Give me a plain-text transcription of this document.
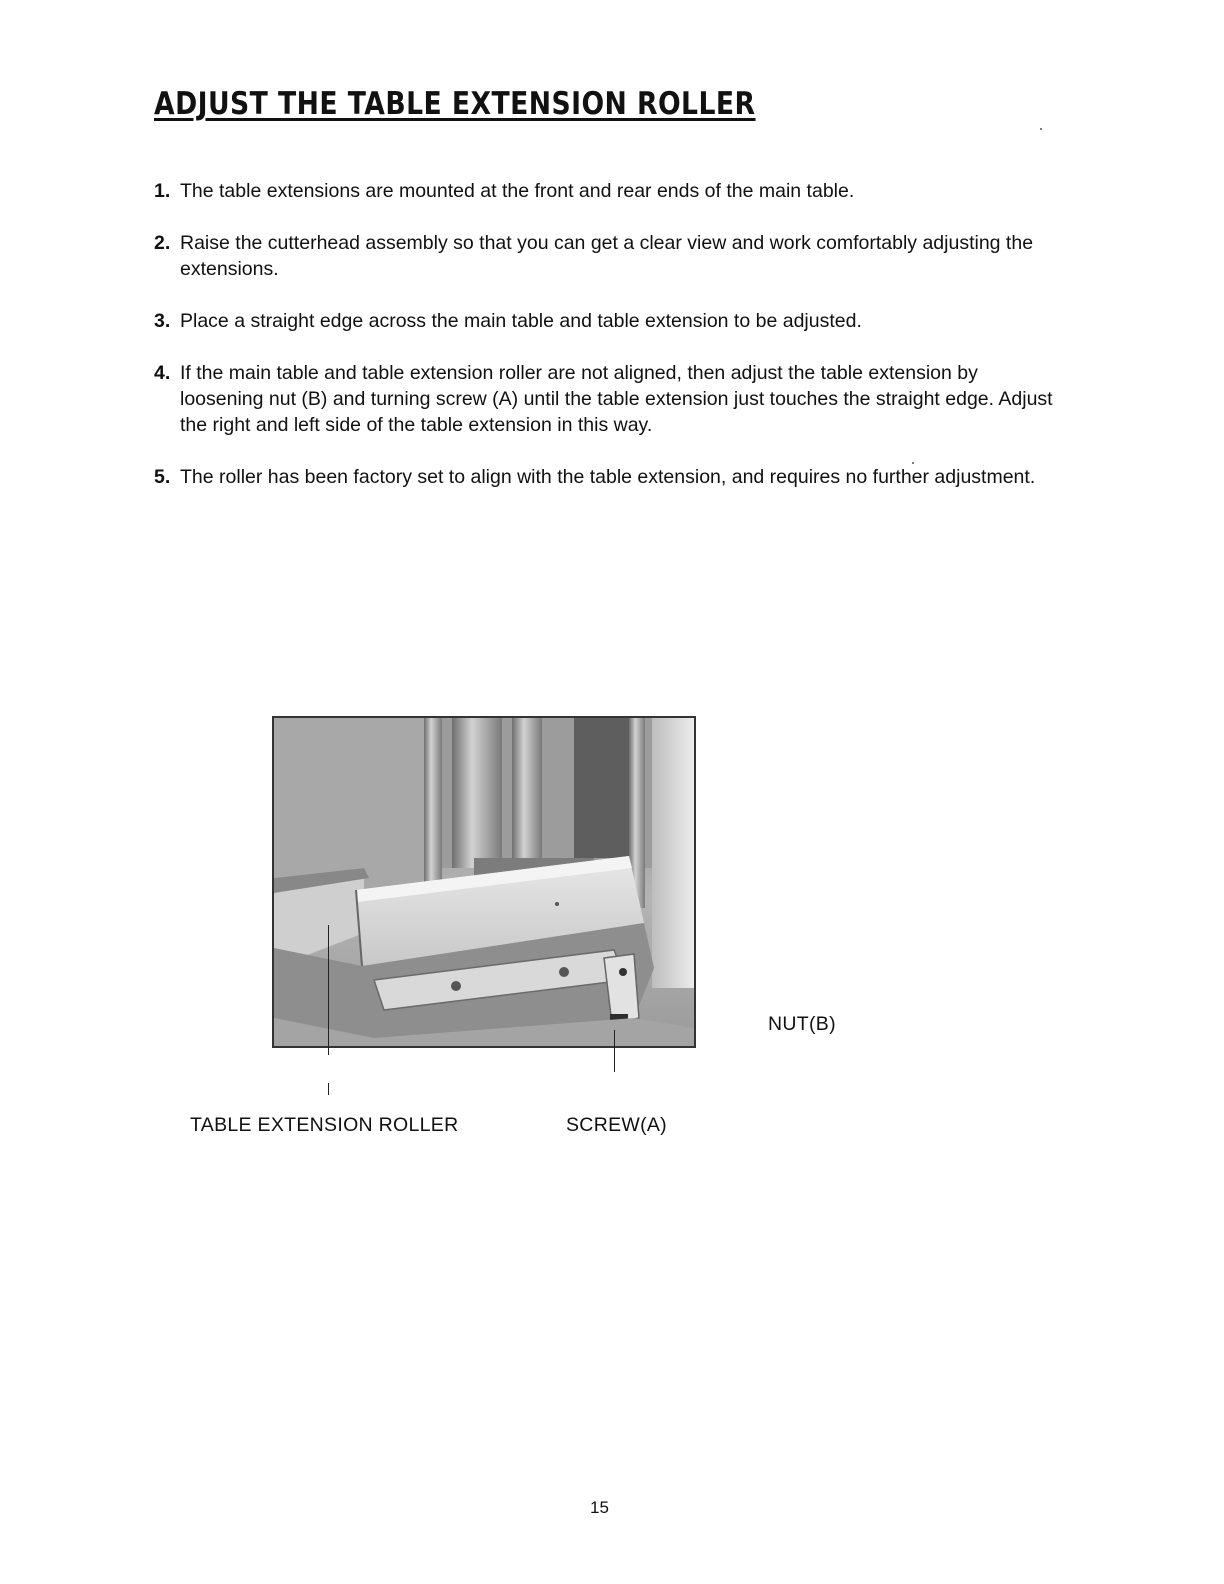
ADJUST THE TABLE EXTENSION ROLLER
1. The table extensions are mounted at the front and rear ends of the main table.
2. Raise the cutterhead assembly so that you can get a clear view and work comfortably adjusting the extensions.
3. Place a straight edge across the main table and table extension to be adjusted.
4. If the main table and table extension roller are not aligned, then adjust the table extension by loosening nut (B) and turning screw (A) until the table extension just touches the straight edge. Adjust the right and left side of the table extension in this way.
5. The roller has been factory set to align with the table extension, and requires no further adjustment.
NUT(B)
TABLE EXTENSION ROLLER	SCREW(A)
15
